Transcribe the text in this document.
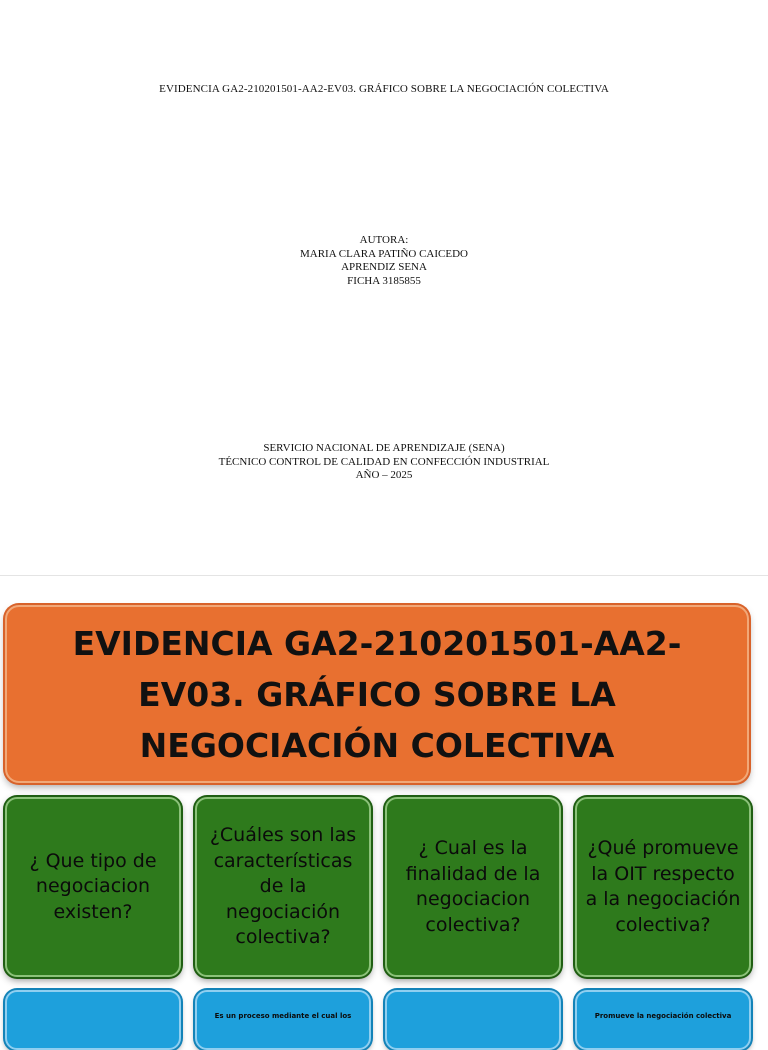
EVIDENCIA GA2-210201501-AA2-EV03. GRÁFICO SOBRE LA NEGOCIACIÓN COLECTIVA
AUTORA:
MARIA CLARA PATIÑO CAICEDO
APRENDIZ SENA
FICHA 3185855
SERVICIO NACIONAL DE APRENDIZAJE (SENA)
TÉCNICO CONTROL DE CALIDAD EN CONFECCIÓN INDUSTRIAL
AÑO – 2025

EVIDENCIA GA2-210201501-AA2-EV03. GRÁFICO SOBRE LA NEGOCIACIÓN COLECTIVA

¿ Que tipo de negociacion existen?
¿Cuáles son las características de la negociación colectiva?
¿ Cual es la finalidad de la negociacion colectiva?
¿Qué promueve la OIT respecto a la negociación colectiva?
Es un proceso mediante el cual los	Promueve la negociación colectiva
